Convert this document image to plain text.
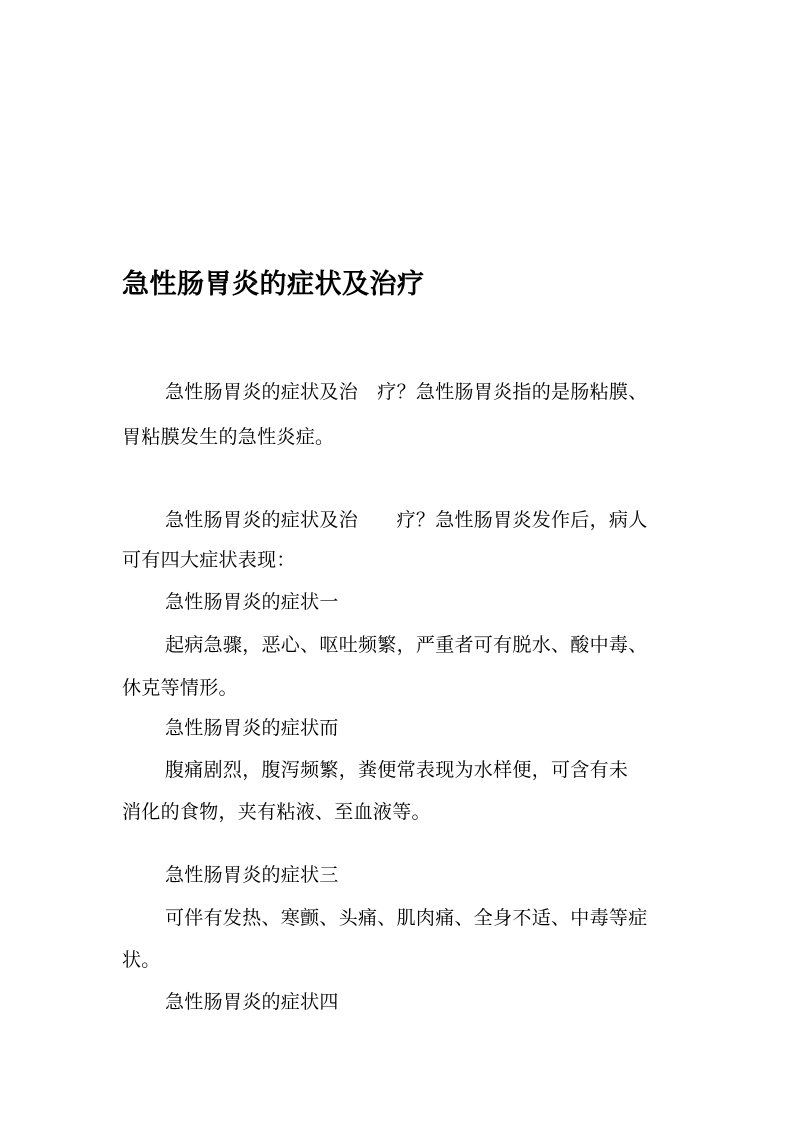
急性肠胃炎的症状及治疗
急性肠胃炎的症状及治　疗？急性肠胃炎指的是肠粘膜、
胃粘膜发生的急性炎症。
急性肠胃炎的症状及治　　疗？急性肠胃炎发作后，病人
可有四大症状表现：
急性肠胃炎的症状一
起病急骤，恶心、呕吐频繁，严重者可有脱水、酸中毒、
休克等情形。
急性肠胃炎的症状而
腹痛剧烈，腹泻频繁，粪便常表现为水样便，可含有未
消化的食物，夹有粘液、至血液等。
急性肠胃炎的症状三
可伴有发热、寒颤、头痛、肌肉痛、全身不适、中毒等症
状。
急性肠胃炎的症状四
